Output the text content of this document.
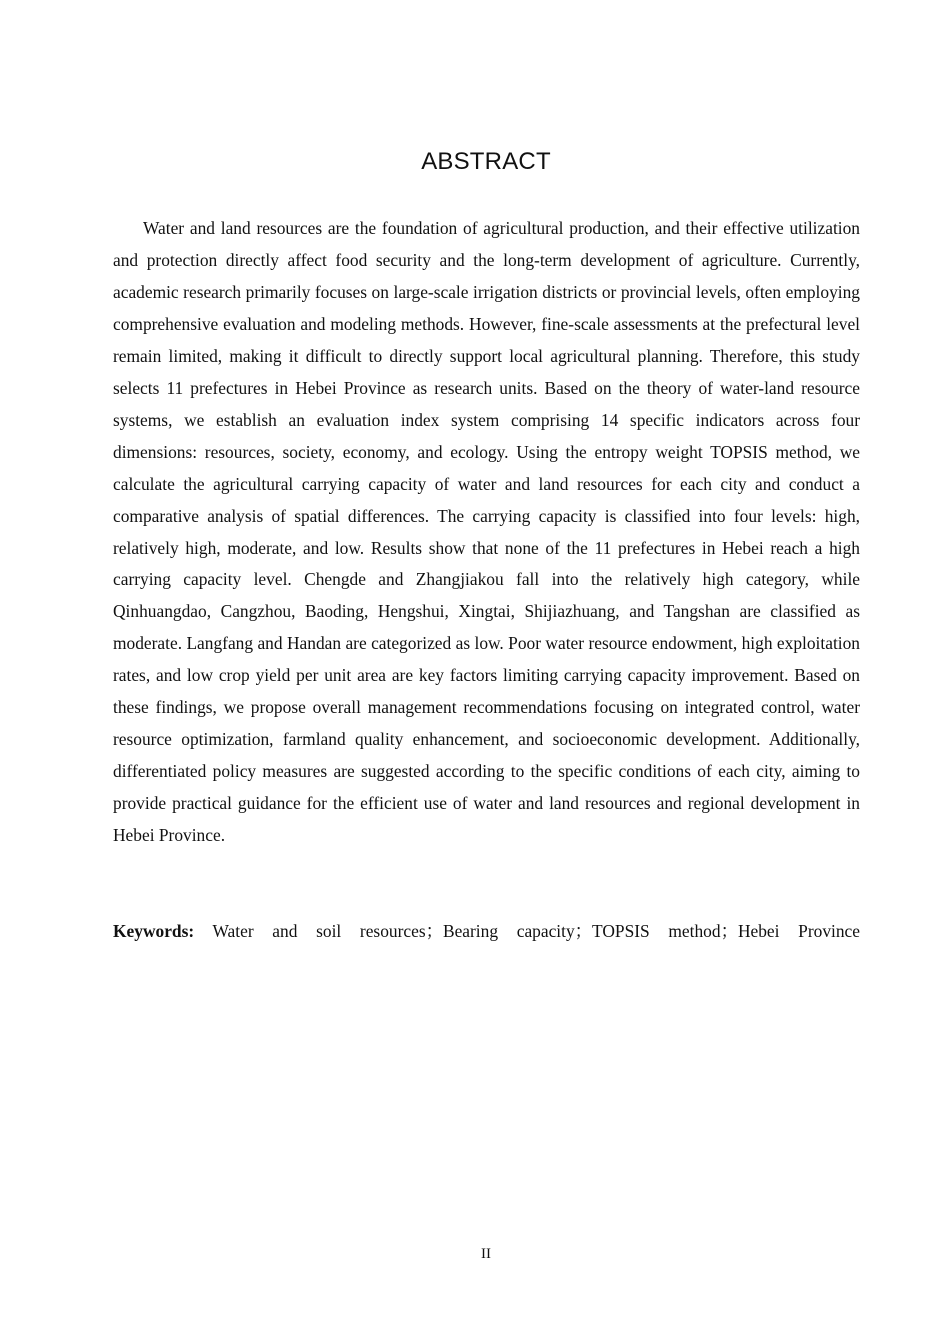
ABSTRACT

Water and land resources are the foundation of agricultural production, and their effective utilization and protection directly affect food security and the long-term development of agriculture. Currently, academic research primarily focuses on large-scale irrigation districts or provincial levels, often employing comprehensive evaluation and modeling methods. However, fine-scale assessments at the prefectural level remain limited, making it difficult to directly support local agricultural planning. Therefore, this study selects 11 prefectures in Hebei Province as research units. Based on the theory of water-land resource systems, we establish an evaluation index system comprising 14 specific indicators across four dimensions: resources, society, economy, and ecology. Using the entropy weight TOPSIS method, we calculate the agricultural carrying capacity of water and land resources for each city and conduct a comparative analysis of spatial differences. The carrying capacity is classified into four levels: high, relatively high, moderate, and low. Results show that none of the 11 prefectures in Hebei reach a high carrying capacity level. Chengde and Zhangjiakou fall into the relatively high category, while Qinhuangdao, Cangzhou, Baoding, Hengshui, Xingtai, Shijiazhuang, and Tangshan are classified as moderate. Langfang and Handan are categorized as low. Poor water resource endowment, high exploitation rates, and low crop yield per unit area are key factors limiting carrying capacity improvement. Based on these findings, we propose overall management recommendations focusing on integrated control, water resource optimization, farmland quality enhancement, and socioeconomic development. Additionally, differentiated policy measures are suggested according to the specific conditions of each city, aiming to provide practical guidance for the efficient use of water and land resources and regional development in Hebei Province.

Keywords: Water and soil resources；Bearing capacity；TOPSIS method；Hebei Province

II
